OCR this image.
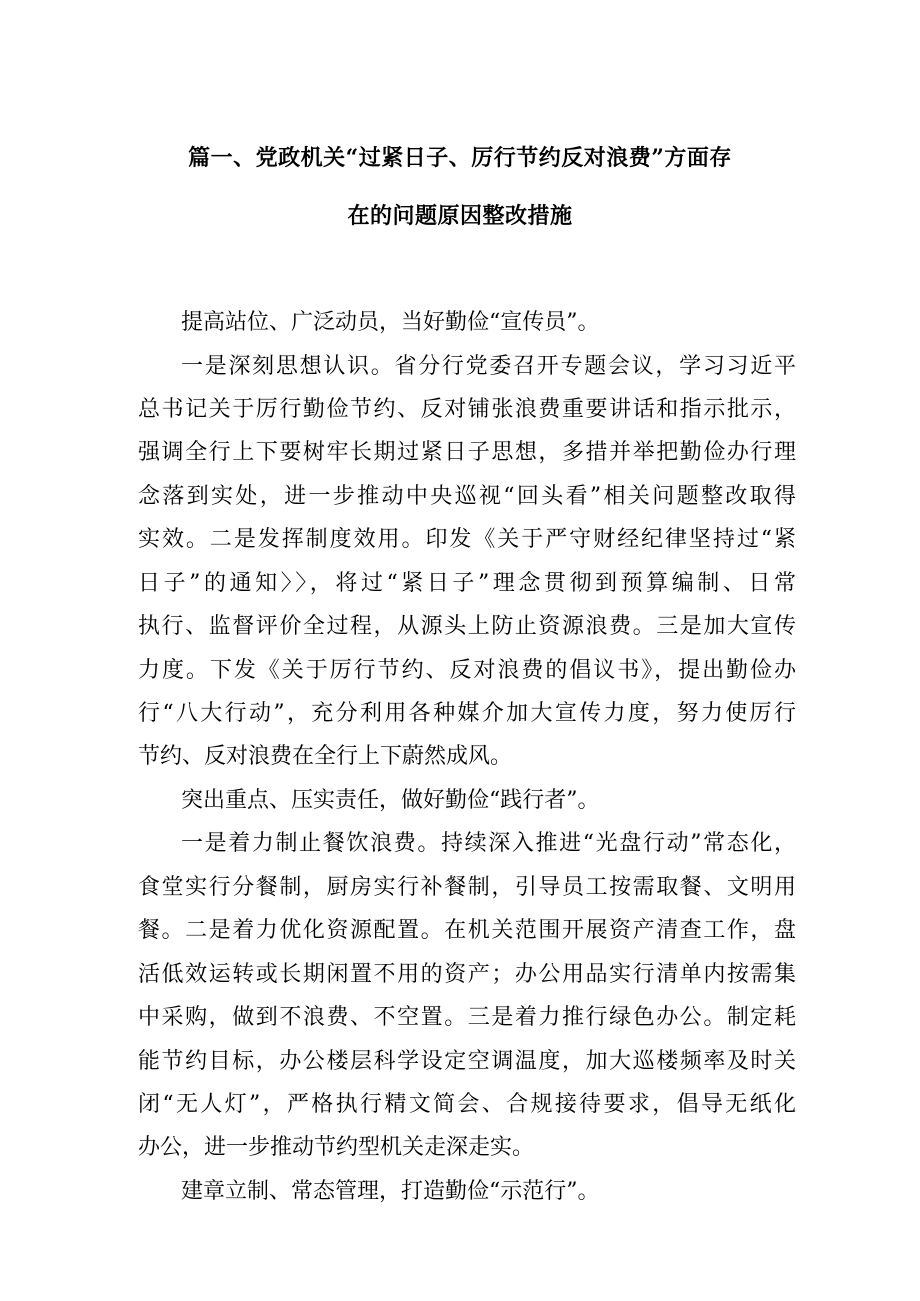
篇一、党政机关“过紧日子、厉行节约反对浪费”方面存
在的问题原因整改措施
提高站位、广泛动员，当好勤俭“宣传员”。
一是深刻思想认识。省分行党委召开专题会议，学习习近平
总书记关于厉行勤俭节约、反对铺张浪费重要讲话和指示批示，
强调全行上下要树牢长期过紧日子思想，多措并举把勤俭办行理
念落到实处，进一步推动中央巡视“回头看”相关问题整改取得
实效。二是发挥制度效用。印发《关于严守财经纪律坚持过“紧
日子”的通知〉〉，将过“紧日子”理念贯彻到预算编制、日常
执行、监督评价全过程，从源头上防止资源浪费。三是加大宣传
力度。下发《关于厉行节约、反对浪费的倡议书》，提出勤俭办
行“八大行动”，充分利用各种媒介加大宣传力度，努力使厉行
节约、反对浪费在全行上下蔚然成风。
突出重点、压实责任，做好勤俭“践行者”。
一是着力制止餐饮浪费。持续深入推进“光盘行动”常态化，
食堂实行分餐制，厨房实行补餐制，引导员工按需取餐、文明用
餐。二是着力优化资源配置。在机关范围开展资产清查工作，盘
活低效运转或长期闲置不用的资产；办公用品实行清单内按需集
中采购，做到不浪费、不空置。三是着力推行绿色办公。制定耗
能节约目标，办公楼层科学设定空调温度，加大巡楼频率及时关
闭“无人灯”，严格执行精文简会、合规接待要求，倡导无纸化
办公，进一步推动节约型机关走深走实。
建章立制、常态管理，打造勤俭“示范行”。
